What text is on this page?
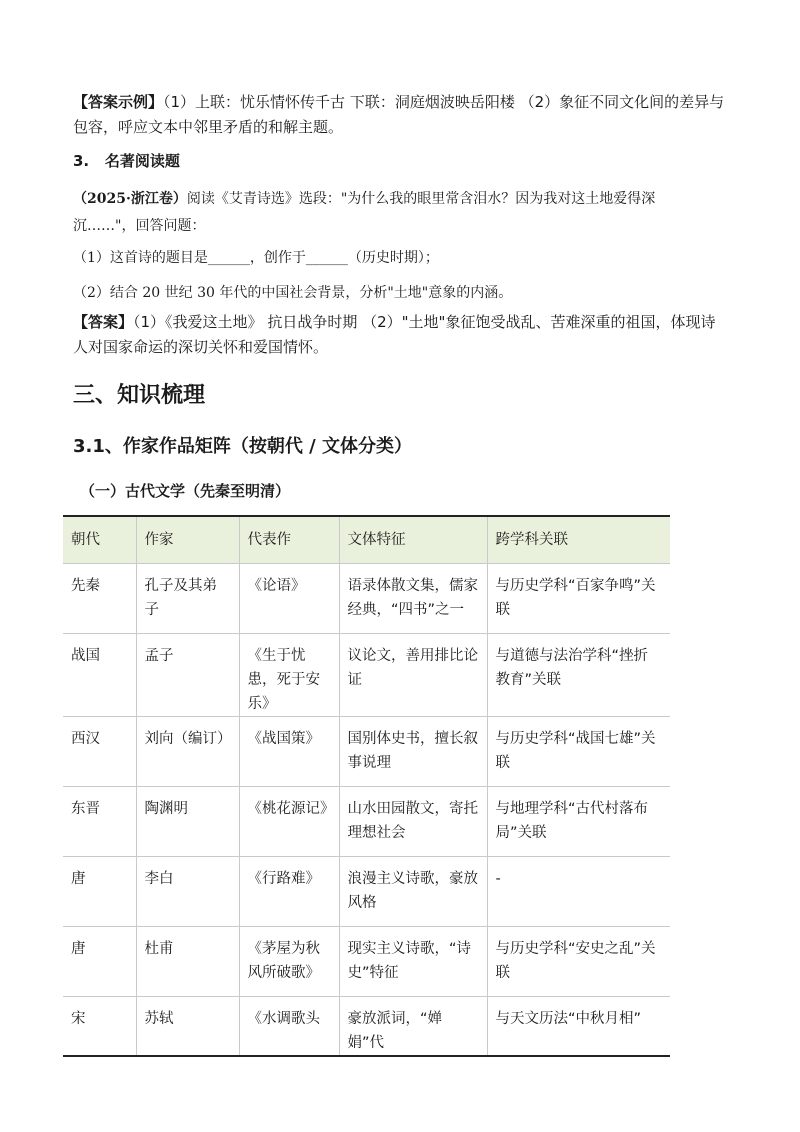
【答案示例】（1）上联：忧乐情怀传千古 下联：洞庭烟波映岳阳楼 （2）象征不同文化间的差异与
包容，呼应文本中邻里矛盾的和解主题。

3. 名著阅读题

（2025·浙江卷）阅读《艾青诗选》选段："为什么我的眼里常含泪水？因为我对这土地爱得深
沉……"，回答问题：

（1）这首诗的题目是______，创作于______（历史时期）；

（2）结合 20 世纪 30 年代的中国社会背景，分析"土地"意象的内涵。

【答案】（1）《我爱这土地》 抗日战争时期 （2）"土地"象征饱受战乱、苦难深重的祖国，体现诗
人对国家命运的深切关怀和爱国情怀。

三、知识梳理
3.1、作家作品矩阵（按朝代 / 文体分类）
（一）古代文学（先秦至明清）
朝代	作家	代表作	文体特征	跨学科关联
先秦	孔子及其弟子	《论语》	语录体散文集，儒家经典，“四书”之一	与历史学科“百家争鸣”关联
战国	孟子	《生于忧患，死于安乐》	议论文，善用排比论证	与道德与法治学科“挫折教育”关联
西汉	刘向（编订）	《战国策》	国别体史书，擅长叙事说理	与历史学科“战国七雄”关联
东晋	陶渊明	《桃花源记》	山水田园散文，寄托理想社会	与地理学科“古代村落布局”关联
唐	李白	《行路难》	浪漫主义诗歌，豪放风格	-
唐	杜甫	《茅屋为秋风所破歌》	现实主义诗歌，“诗史”特征	与历史学科“安史之乱”关联
宋	苏轼	《水调歌头	豪放派词，“婵娟”代	与天文历法“中秋月相”
